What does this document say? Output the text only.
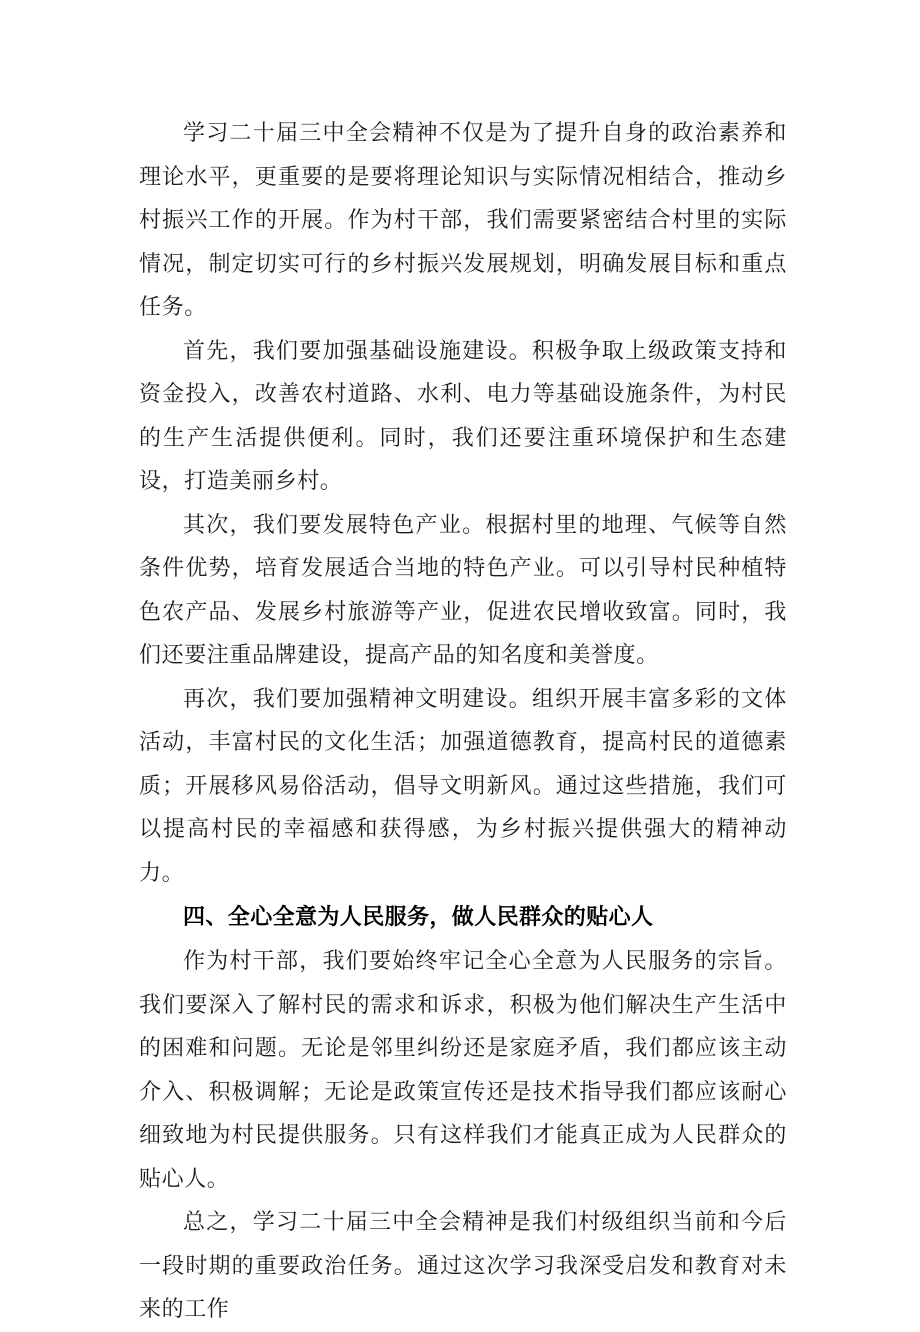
学习二十届三中全会精神不仅是为了提升自身的政治素养和理论水平，更重要的是要将理论知识与实际情况相结合，推动乡村振兴工作的开展。作为村干部，我们需要紧密结合村里的实际情况，制定切实可行的乡村振兴发展规划，明确发展目标和重点任务。

首先，我们要加强基础设施建设。积极争取上级政策支持和资金投入，改善农村道路、水利、电力等基础设施条件，为村民的生产生活提供便利。同时，我们还要注重环境保护和生态建设，打造美丽乡村。

其次，我们要发展特色产业。根据村里的地理、气候等自然条件优势，培育发展适合当地的特色产业。可以引导村民种植特色农产品、发展乡村旅游等产业，促进农民增收致富。同时，我们还要注重品牌建设，提高产品的知名度和美誉度。

再次，我们要加强精神文明建设。组织开展丰富多彩的文体活动，丰富村民的文化生活；加强道德教育，提高村民的道德素质；开展移风易俗活动，倡导文明新风。通过这些措施，我们可以提高村民的幸福感和获得感，为乡村振兴提供强大的精神动力。

四、全心全意为人民服务，做人民群众的贴心人

作为村干部，我们要始终牢记全心全意为人民服务的宗旨。我们要深入了解村民的需求和诉求，积极为他们解决生产生活中的困难和问题。无论是邻里纠纷还是家庭矛盾，我们都应该主动介入、积极调解；无论是政策宣传还是技术指导我们都应该耐心细致地为村民提供服务。只有这样我们才能真正成为人民群众的贴心人。

总之，学习二十届三中全会精神是我们村级组织当前和今后一段时期的重要政治任务。通过这次学习我深受启发和教育对未来的工作
